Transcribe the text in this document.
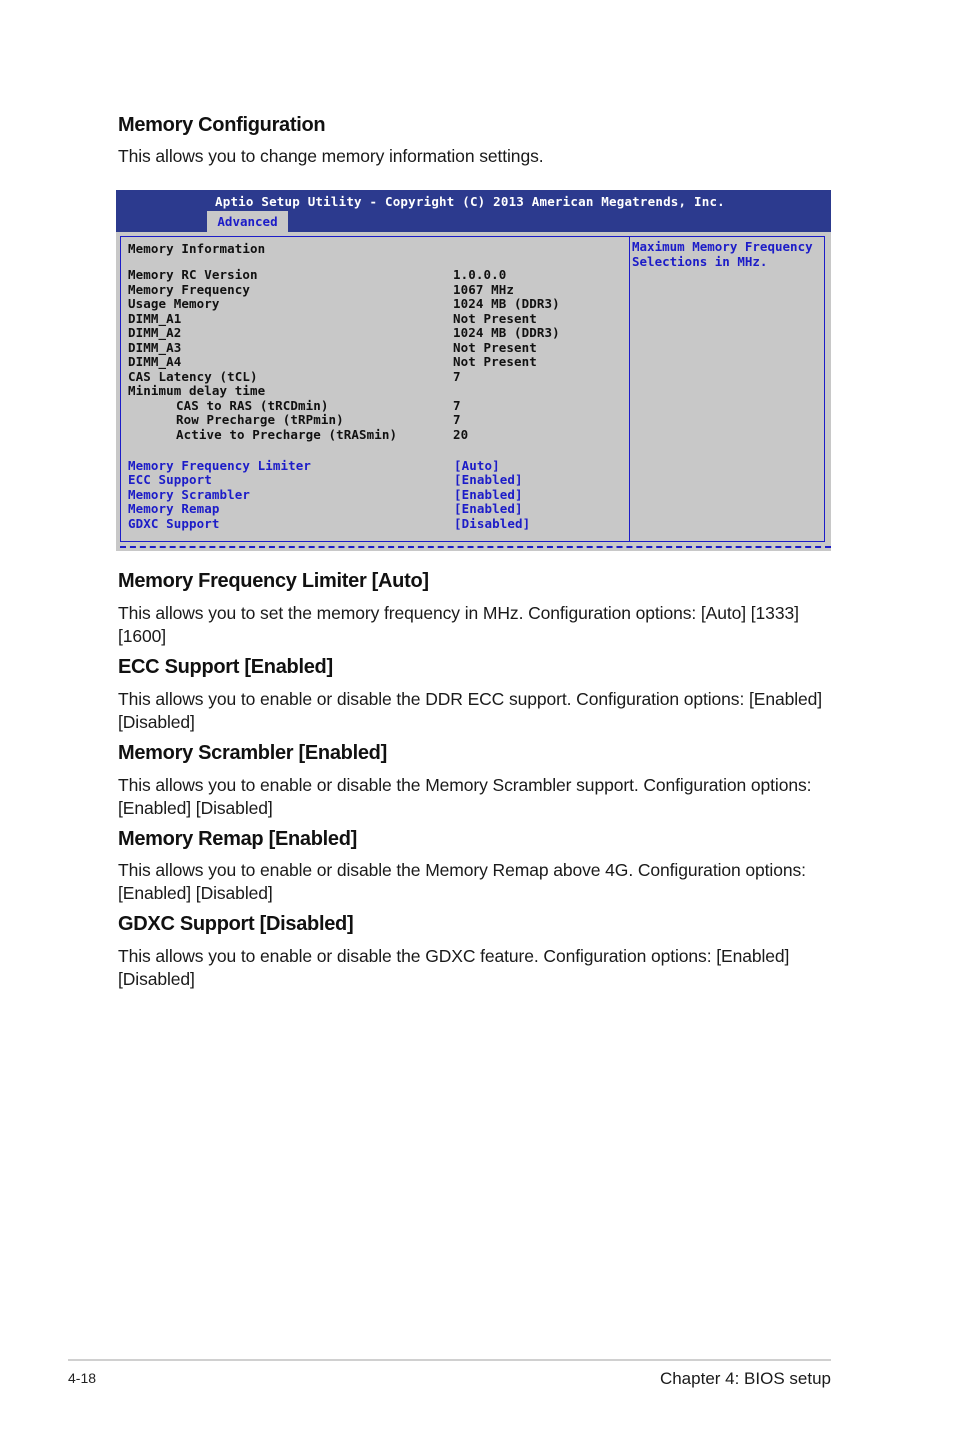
Memory Configuration

This allows you to change memory information settings.

Aptio Setup Utility - Copyright (C) 2013 American Megatrends, Inc.
Advanced
Memory Information
Memory RC Version	1.0.0.0
Memory Frequency	1067 MHz
Usage Memory	1024 MB (DDR3)
DIMM_A1	Not Present
DIMM_A2	1024 MB (DDR3)
DIMM_A3	Not Present
DIMM_A4	Not Present
CAS Latency (tCL)	7
Minimum delay time
CAS to RAS (tRCDmin)	7
Row Precharge (tRPmin)	7
Active to Precharge (tRASmin)	20
Memory Frequency Limiter	[Auto]
ECC Support	[Enabled]
Memory Scrambler	[Enabled]
Memory Remap	[Enabled]
GDXC Support	[Disabled]
Maximum Memory Frequency
Selections in MHz.
Memory Frequency Limiter [Auto]

This allows you to set the memory frequency in MHz. Configuration options: [Auto] [1333] [1600]

ECC Support [Enabled]

This allows you to enable or disable the DDR ECC support. Configuration options: [Enabled] [Disabled]

Memory Scrambler [Enabled]

This allows you to enable or disable the Memory Scrambler support. Configuration options: [Enabled] [Disabled]

Memory Remap [Enabled]

This allows you to enable or disable the Memory Remap above 4G. Configuration options: [Enabled] [Disabled]

GDXC Support [Disabled]

This allows you to enable or disable the GDXC feature. Configuration options: [Enabled] [Disabled]

4-18	Chapter 4: BIOS setup
